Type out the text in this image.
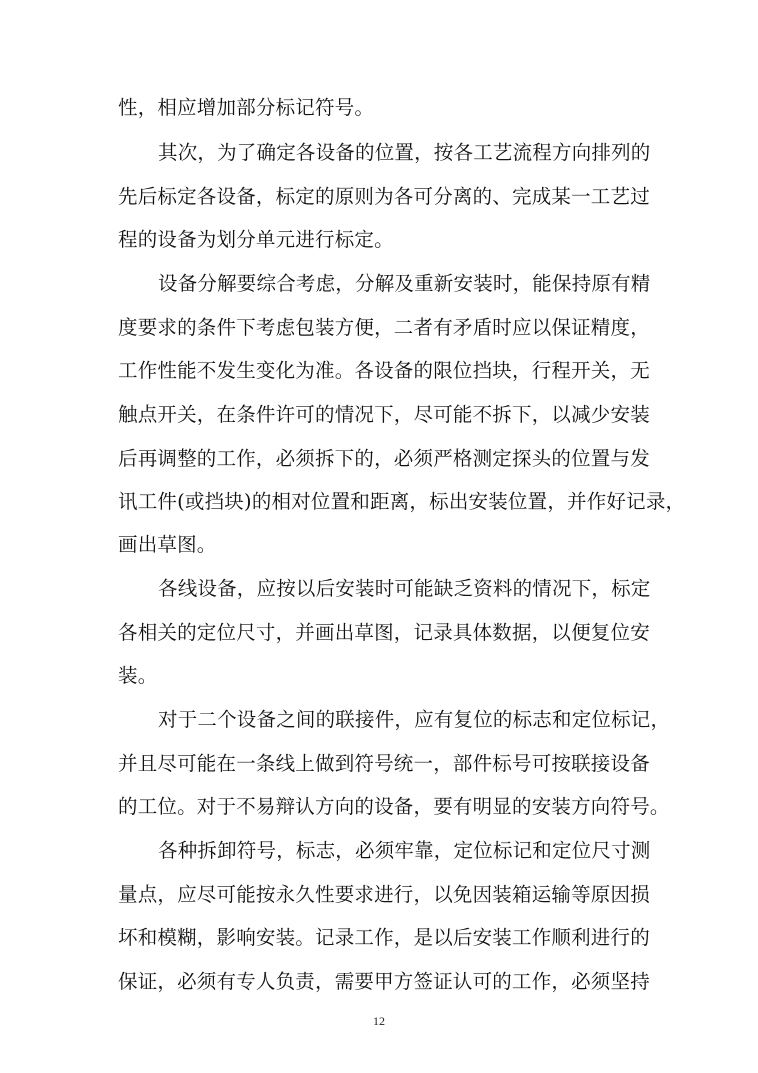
性，相应增加部分标记符号。
其次，为了确定各设备的位置，按各工艺流程方向排列的
先后标定各设备，标定的原则为各可分离的、完成某一工艺过
程的设备为划分单元进行标定。
设备分解要综合考虑，分解及重新安装时，能保持原有精
度要求的条件下考虑包装方便，二者有矛盾时应以保证精度，
工作性能不发生变化为准。各设备的限位挡块，行程开关，无
触点开关，在条件许可的情况下，尽可能不拆下，以减少安装
后再调整的工作，必须拆下的，必须严格测定探头的位置与发
讯工件(或挡块)的相对位置和距离，标出安装位置，并作好记录，
画出草图。
各线设备，应按以后安装时可能缺乏资料的情况下，标定
各相关的定位尺寸，并画出草图，记录具体数据，以便复位安
装。
对于二个设备之间的联接件，应有复位的标志和定位标记，
并且尽可能在一条线上做到符号统一，部件标号可按联接设备
的工位。对于不易辩认方向的设备，要有明显的安装方向符号。
各种拆卸符号，标志，必须牢靠，定位标记和定位尺寸测
量点，应尽可能按永久性要求进行，以免因装箱运输等原因损
坏和模糊，影响安装。记录工作，是以后安装工作顺利进行的
保证，必须有专人负责，需要甲方签证认可的工作，必须坚持
12
